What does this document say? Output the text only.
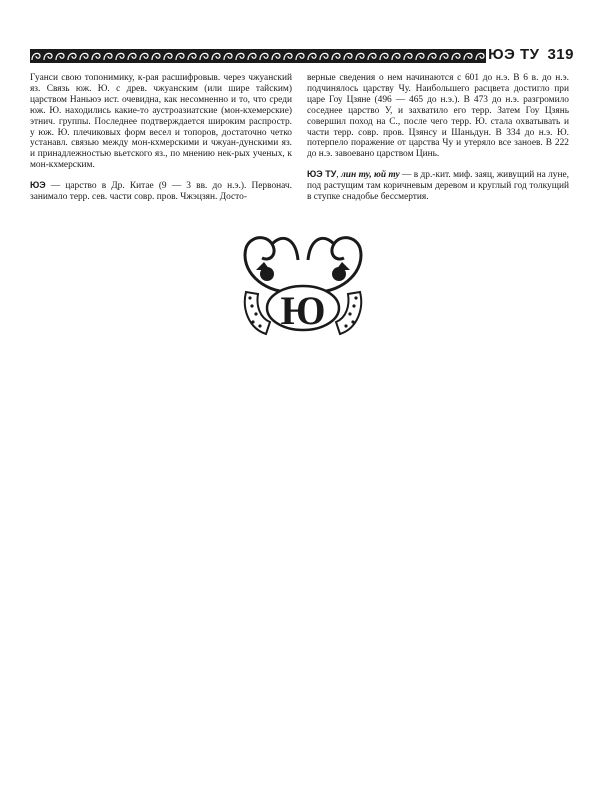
ЮЭ ТУ 319

Гуанси свою топонимику, к-рая расшифровыв. через чжуанский яз. Связь юж. Ю. с древ. чжуанским (или шире тайским) царством Наньюэ ист. очевидна, как несомненно и то, что среди юж. Ю. находились какие-то аустроазиатские (мон-кхемерские) этнич. группы. Последнее подтверждается широким распростр. у юж. Ю. плечиковых форм весел и топоров, достаточно четко устанавл. связью между мон-кхмерскими и чжуан-дунскими яз. и принадлежностью вьетского яз., по мнению нек-рых ученых, к мон-кхмерским.

ЮЭ — царство в Др. Китае (9 — 3 вв. до н.э.). Первонач. занимало терр. сев. части совр. пров. Чжэцзян. Досто-

верные сведения о нем начинаются с 601 до н.э. В 6 в. до н.э. подчинялось царству Чу. Наибольшего расцвета достигло при царе Гоу Цзяне (496 — 465 до н.э.). В 473 до н.э. разгромило соседнее царство У, и захватило его терр. Затем Гоу Цзянь совершил поход на С., после чего терр. Ю. стала охватывать и части терр. совр. пров. Цзянсу и Шаньдун. В 334 до н.э. Ю. потерпело поражение от царства Чу и утеряло все заноев. В 222 до н.э. завоевано царством Цинь.

ЮЭ ТУ, лин ту, юй ту — в др.-кит. миф. заяц, живущий на луне, под растущим там коричневым деревом и круглый год толкущий в ступке снадобье бессмертия.

Ю
